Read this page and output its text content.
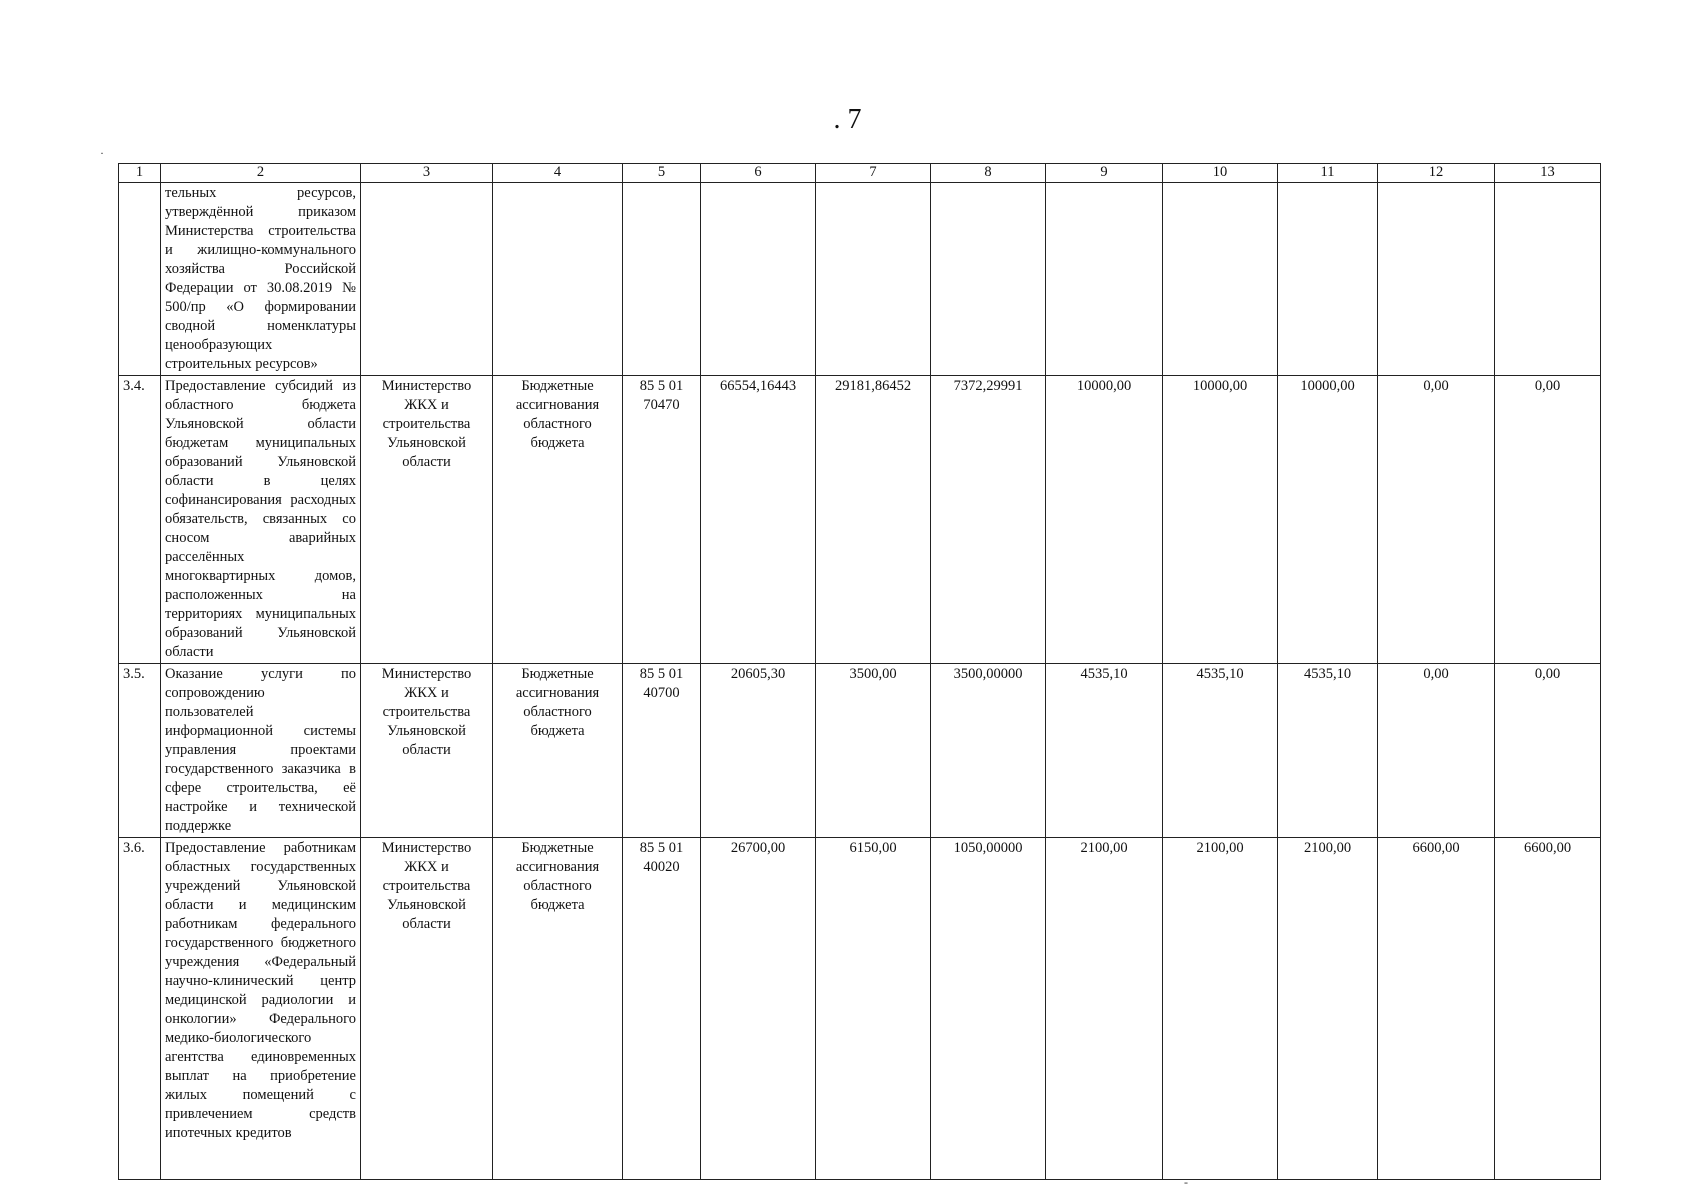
. 7
1	2	3	4	5	6	7	8	9	10	11	12	13
	тельных ресурсов, утверждённой приказом Министерства строительства и жилищно-коммунального хозяйства Российской Федерации от 30.08.2019 № 500/пр «О формировании сводной номенклатуры ценообразующих строительных ресурсов»											
3.4.	Предоставление субсидий из областного бюджета Ульяновской области бюджетам муниципальных образований Ульяновской области в целях софинансирования расходных обязательств, связанных со сносом аварийных расселённых многоквартирных домов, расположенных на территориях муниципальных образований Ульяновской области	Министерство ЖКХ и строительства Ульяновской области	Бюджетные ассигнования областного бюджета	85 5 01 70470	66554,16443	29181,86452	7372,29991	10000,00	10000,00	10000,00	0,00	0,00
3.5.	Оказание услуги по сопровождению пользователей информационной системы управления проектами государственного заказчика в сфере строительства, её настройке и технической поддержке	Министерство ЖКХ и строительства Ульяновской области	Бюджетные ассигнования областного бюджета	85 5 01 40700	20605,30	3500,00	3500,00000	4535,10	4535,10	4535,10	0,00	0,00
3.6.	Предоставление работникам областных государственных учреждений Ульяновской области и медицинским работникам федерального государственного бюджетного учреждения «Федеральный научно-клинический центр медицинской радиологии и онкологии» Федерального медико-биологического агентства единовременных выплат на приобретение жилых помещений с привлечением средств ипотечных кредитов	Министерство ЖКХ и строительства Ульяновской области	Бюджетные ассигнования областного бюджета	85 5 01 40020	26700,00	6150,00	1050,00000	2100,00	2100,00	2100,00	6600,00	6600,00
·
-
